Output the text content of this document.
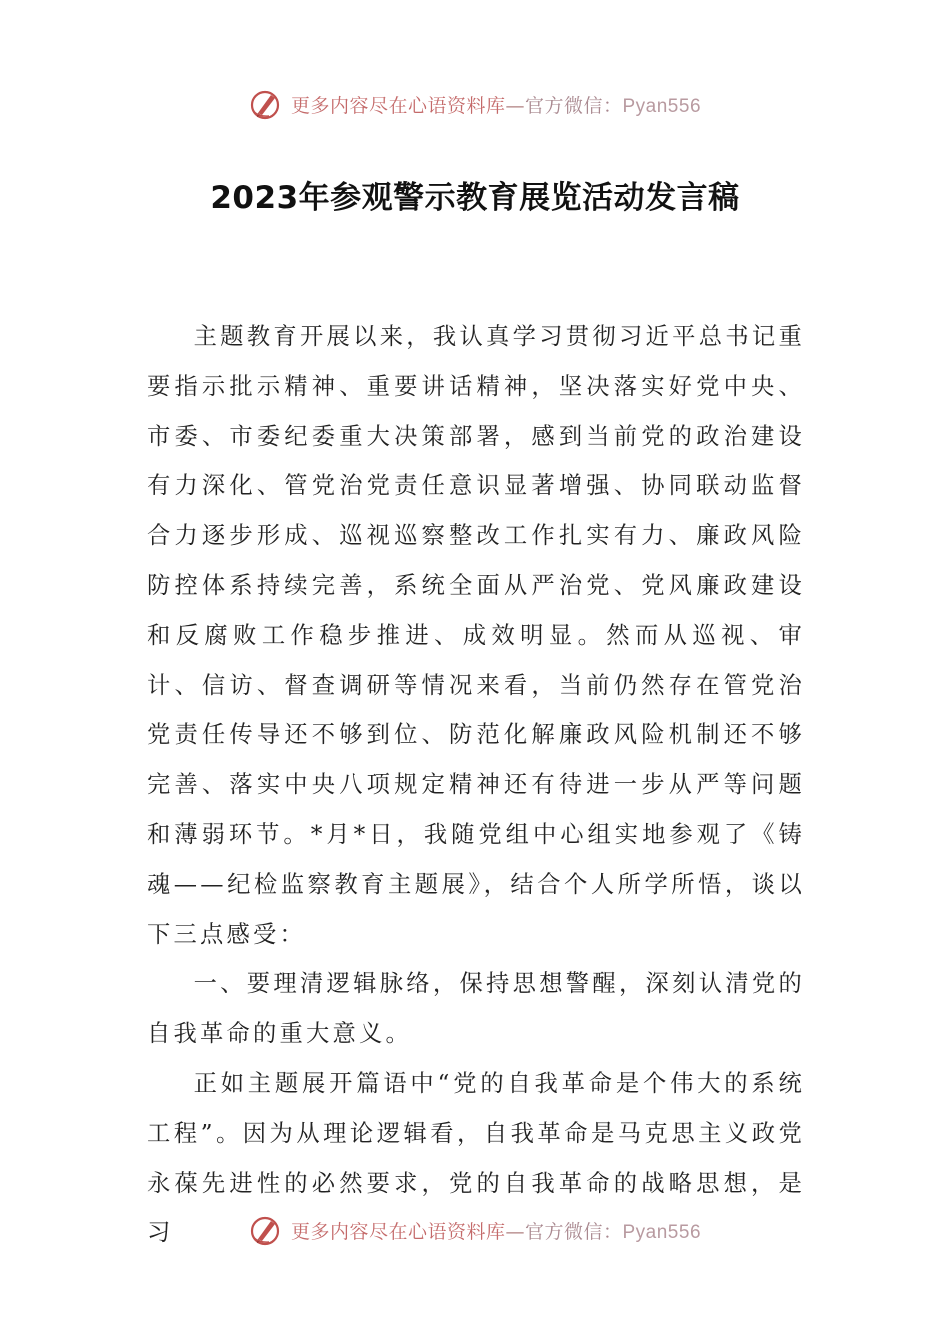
更多内容尽在心语资料库—官方微信：Pyan556
2023年参观警示教育展览活动发言稿

主题教育开展以来，我认真学习贯彻习近平总书记重要指示批示精神、重要讲话精神，坚决落实好党中央、市委、市委纪委重大决策部署，感到当前党的政治建设有力深化、管党治党责任意识显著增强、协同联动监督合力逐步形成、巡视巡察整改工作扎实有力、廉政风险防控体系持续完善，系统全面从严治党、党风廉政建设和反腐败工作稳步推进、成效明显。然而从巡视、审计、信访、督查调研等情况来看，当前仍然存在管党治党责任传导还不够到位、防范化解廉政风险机制还不够完善、落实中央八项规定精神还有待进一步从严等问题和薄弱环节。*月*日，我随党组中心组实地参观了《铸魂——纪检监察教育主题展》，结合个人所学所悟，谈以下三点感受：

一、要理清逻辑脉络，保持思想警醒，深刻认清党的自我革命的重大意义。

正如主题展开篇语中“党的自我革命是个伟大的系统工程”。因为从理论逻辑看，自我革命是马克思主义政党永葆先进性的必然要求，党的自我革命的战略思想，是习	更多内容尽在心语资料库—官方微信：Pyan556
